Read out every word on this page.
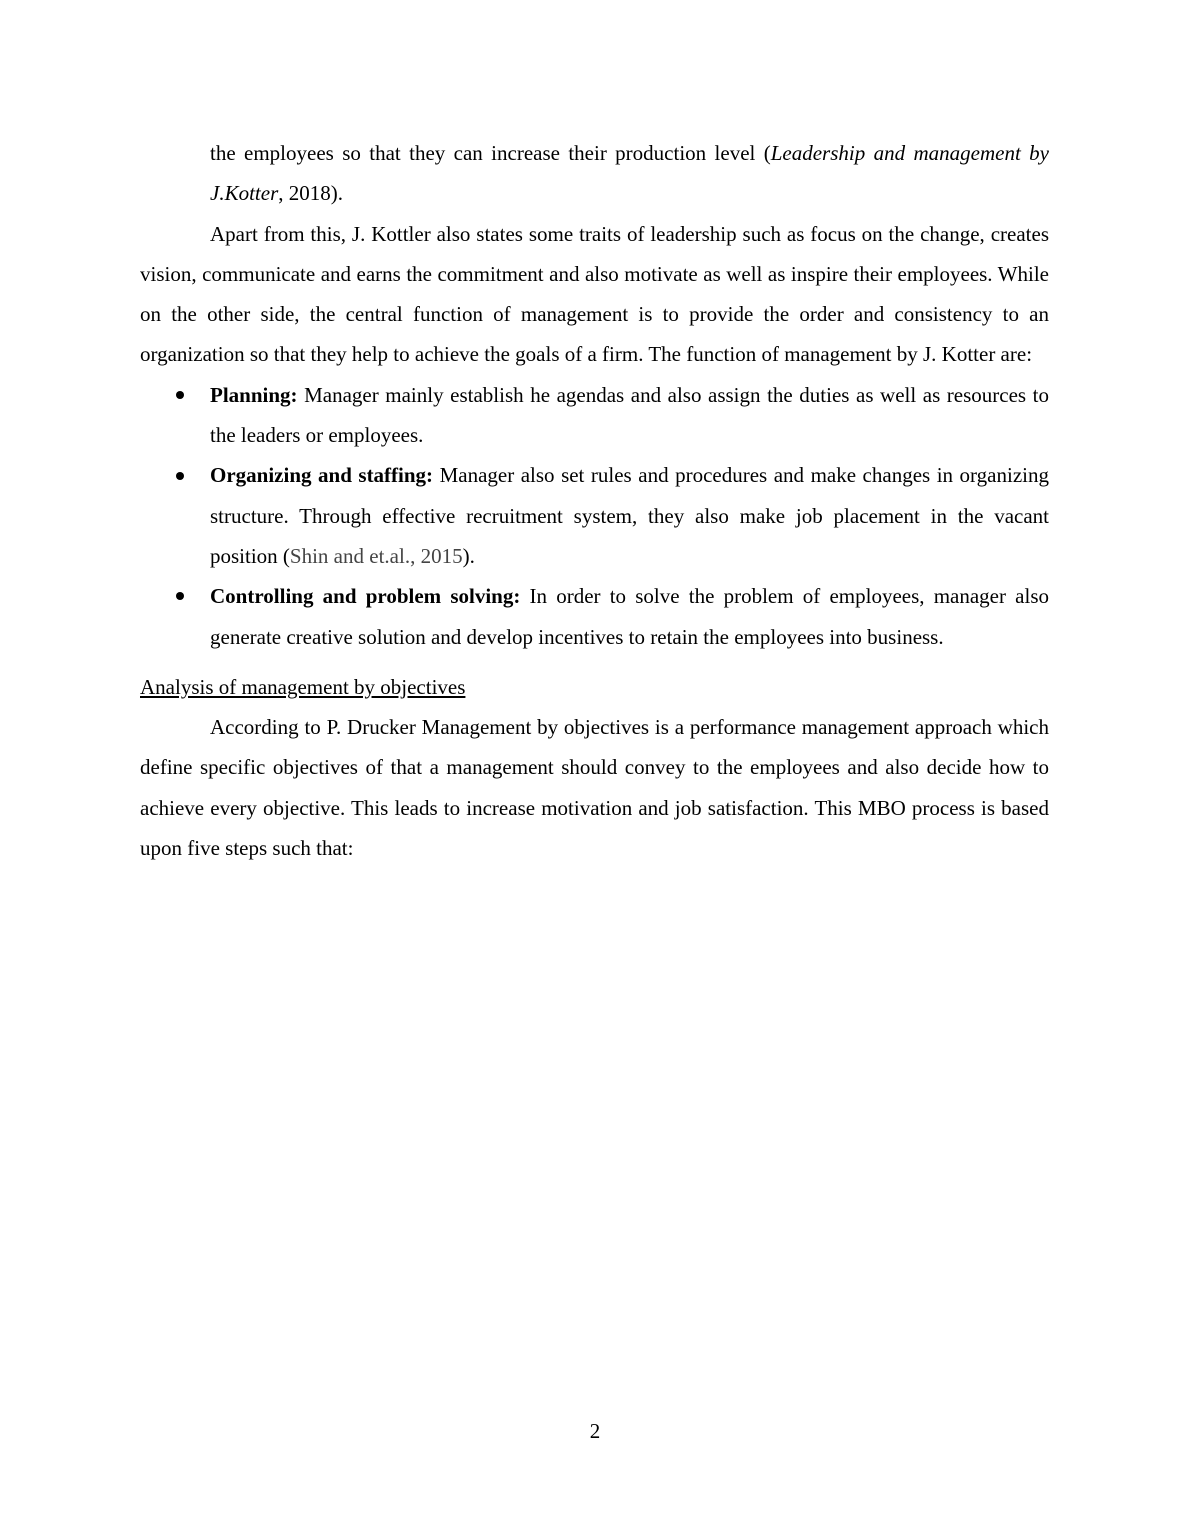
the employees so that they can increase their production level (Leadership and management by J.Kotter, 2018).

Apart from this, J. Kottler also states some traits of leadership such as focus on the change, creates vision, communicate and earns the commitment and also motivate as well as inspire their employees. While on the other side, the central function of management is to provide the order and consistency to an organization so that they help to achieve the goals of a firm. The function of management by J. Kotter are:

Planning: Manager mainly establish he agendas and also assign the duties as well as resources to the leaders or employees.
Organizing and staffing: Manager also set rules and procedures and make changes in organizing structure. Through effective recruitment system, they also make job placement in the vacant position (Shin and et.al., 2015).
Controlling and problem solving: In order to solve the problem of employees, manager also generate creative solution and develop incentives to retain the employees into business.
Analysis of management by objectives

According to P. Drucker Management by objectives is a performance management approach which define specific objectives of that a management should convey to the employees and also decide how to achieve every objective. This leads to increase motivation and job satisfaction. This MBO process is based upon five steps such that:

2
